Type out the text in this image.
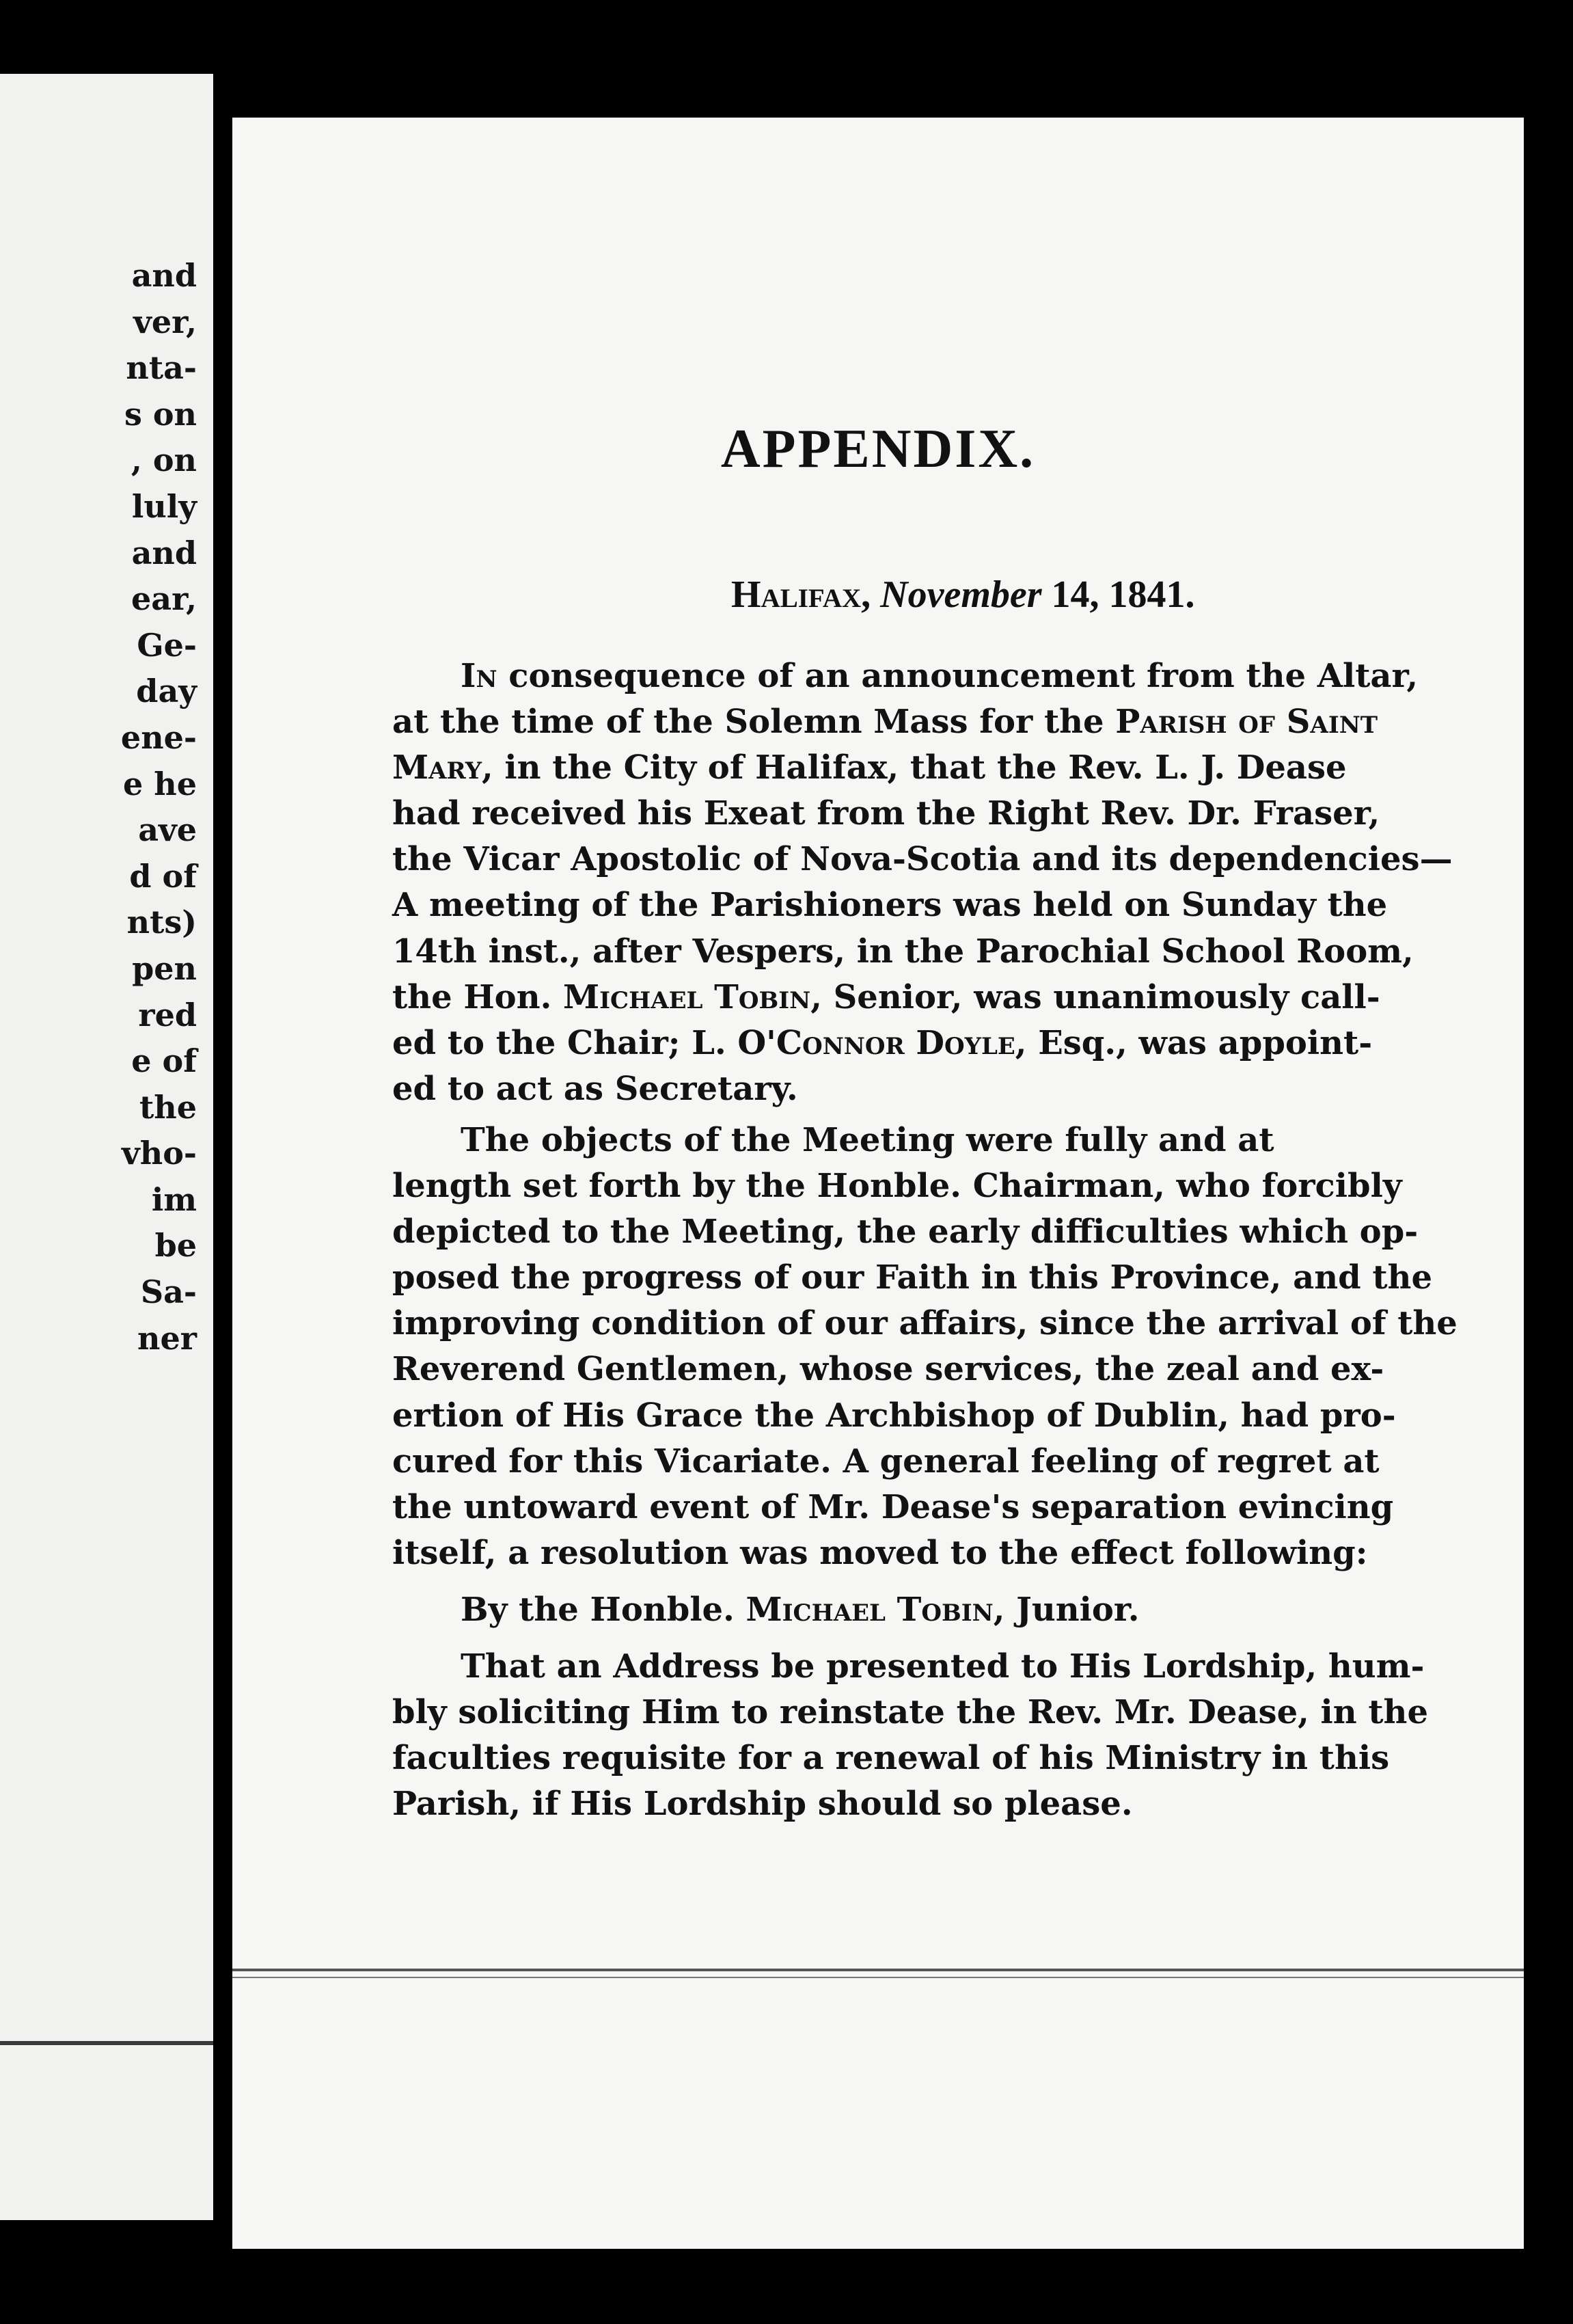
and
ver,
nta-
s on
, on
luly
and
ear,
Ge-
day
ene-
e he
ave
d of
nts)
pen
red
e of
the
vho-
im
be
Sa-
ner
APPENDIX.
Halifax, November 14, 1841.
In consequence of an announcement from the Altar,
at the time of the Solemn Mass for the Parish of Saint
Mary, in the City of Halifax, that the Rev. L. J. Dease
had received his Exeat from the Right Rev. Dr. Fraser,
the Vicar Apostolic of Nova-Scotia and its dependencies—
A meeting of the Parishioners was held on Sunday the
14th inst., after Vespers, in the Parochial School Room,
the Hon. Michael Tobin, Senior, was unanimously call-
ed to the Chair; L. O'Connor Doyle, Esq., was appoint-
ed to act as Secretary.
The objects of the Meeting were fully and at
length set forth by the Honble. Chairman, who forcibly
depicted to the Meeting, the early difficulties which op-
posed the progress of our Faith in this Province, and the
improving condition of our affairs, since the arrival of the
Reverend Gentlemen, whose services, the zeal and ex-
ertion of His Grace the Archbishop of Dublin, had pro-
cured for this Vicariate. A general feeling of regret at
the untoward event of Mr. Dease's separation evincing
itself, a resolution was moved to the effect following:
By the Honble. Michael Tobin, Junior.
That an Address be presented to His Lordship, hum-
bly soliciting Him to reinstate the Rev. Mr. Dease, in the
faculties requisite for a renewal of his Ministry in this
Parish, if His Lordship should so please.
